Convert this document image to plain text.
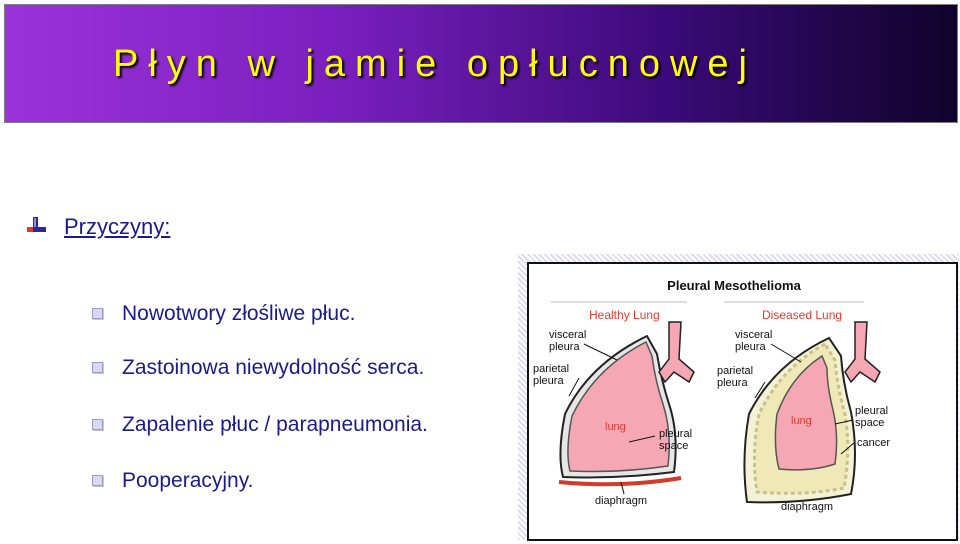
Płyn w jamie opłucnowej
Przyczyny:
Nowotwory złośliwe płuc.
Zastoinowa niewydolność serca.
Zapalenie płuc / parapneumonia.
Pooperacyjny.
Pleural Mesothelioma
Healthy Lung	Diseased Lung
visceral
pleura
parietal
pleura
lung
pleural
space
diaphragm
visceral
pleura
parietal
pleura
lung
pleural
space
cancer
diaphragm
